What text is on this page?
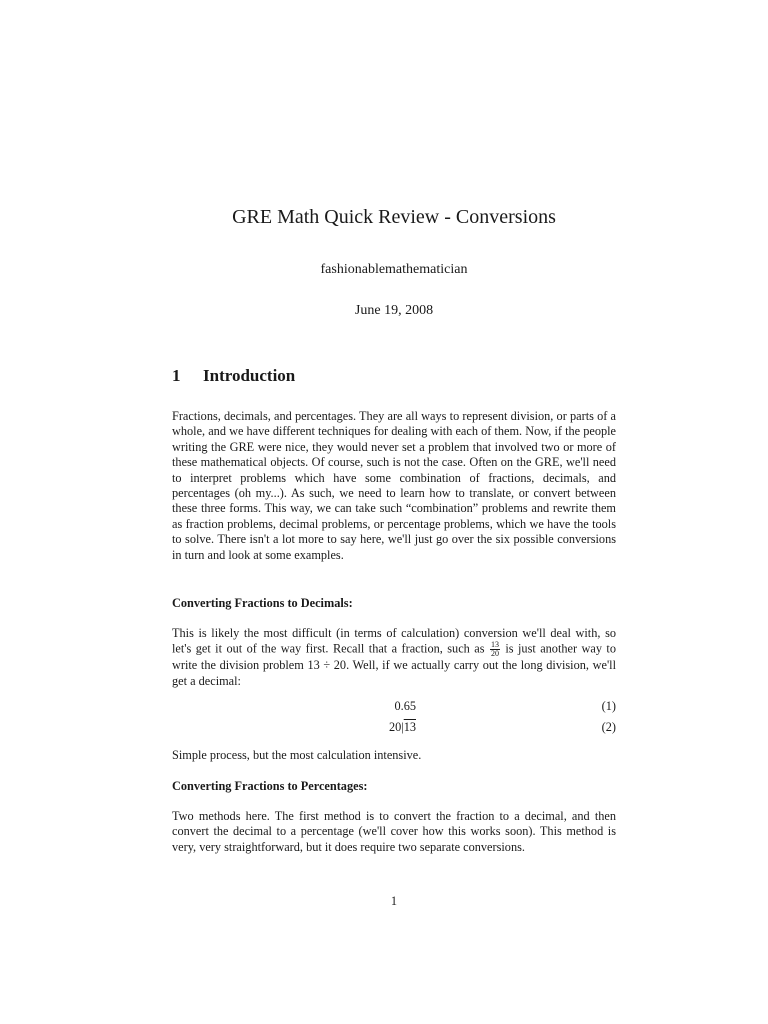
GRE Math Quick Review - Conversions
fashionablemathematician
June 19, 2008
1 Introduction
Fractions, decimals, and percentages. They are all ways to represent division, or parts of a whole, and we have different techniques for dealing with each of them. Now, if the people writing the GRE were nice, they would never set a problem that involved two or more of these mathematical objects. Of course, such is not the case. Often on the GRE, we'll need to interpret problems which have some combination of fractions, decimals, and percentages (oh my...). As such, we need to learn how to translate, or convert between these three forms. This way, we can take such “combination” problems and rewrite them as fraction problems, decimal problems, or percentage problems, which we have the tools to solve. There isn't a lot more to say here, we'll just go over the six possible conversions in turn and look at some examples.
Converting Fractions to Decimals:
This is likely the most difficult (in terms of calculation) conversion we'll deal with, so let's get it out of the way first. Recall that a fraction, such as $\frac{13}{20}$ is just another way to write the division problem 13 ÷ 20. Well, if we actually carry out the long division, we'll get a decimal:
0.65	(1)
20|13	(2)
Simple process, but the most calculation intensive.
Converting Fractions to Percentages:
Two methods here. The first method is to convert the fraction to a decimal, and then convert the decimal to a percentage (we'll cover how this works soon). This method is very, very straightforward, but it does require two separate conversions.
1
